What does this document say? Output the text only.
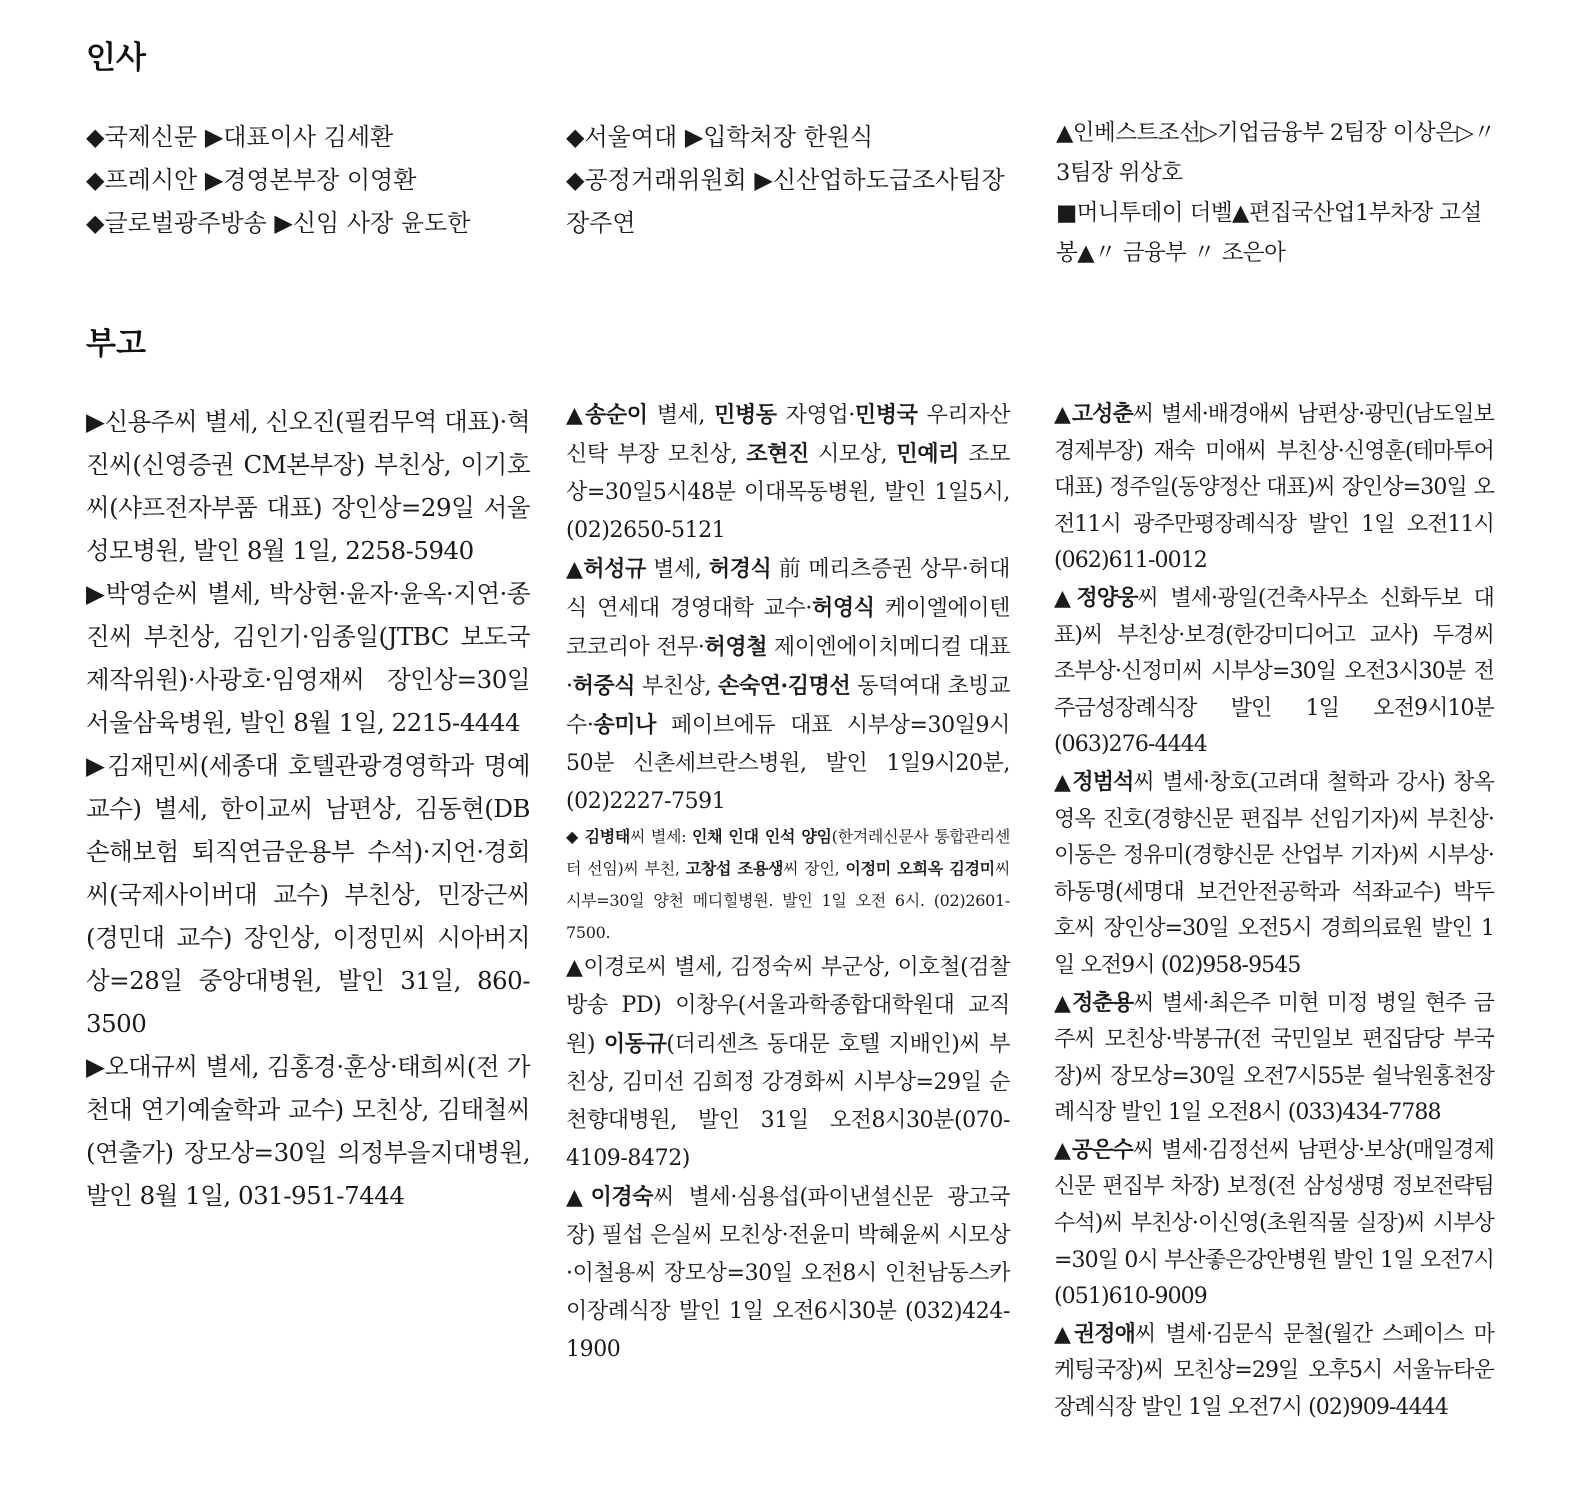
인사
부고

◆국제신문 ▶대표이사 김세환

◆프레시안 ▶경영본부장 이영환

◆글로벌광주방송 ▶신임 사장 윤도한

◆서울여대 ▶입학처장 한원식

◆공정거래위원회 ▶신산업하도급조사팀장 장주연

▲인베스트조선▷기업금융부 2팀장 이상은▷〃3팀장 위상호

■머니투데이 더벨▲편집국산업1부차장 고설봉▲〃 금융부 〃 조은아

▶신용주씨 별세, 신오진(필컴무역 대표)·혁진씨(신영증권 CM본부장) 부친상, 이기호씨(샤프전자부품 대표) 장인상=29일 서울성모병원, 발인 8월 1일, 2258-5940

▶박영순씨 별세, 박상현·윤자·윤옥·지연·종진씨 부친상, 김인기·임종일(JTBC 보도국 제작위원)·사광호·임영재씨 장인상=30일 서울삼육병원, 발인 8월 1일, 2215-4444

▶김재민씨(세종대 호텔관광경영학과 명예교수) 별세, 한이교씨 남편상, 김동현(DB손해보험 퇴직연금운용부 수석)·지언·경회씨(국제사이버대 교수) 부친상, 민장근씨(경민대 교수) 장인상, 이정민씨 시아버지상=28일 중앙대병원, 발인 31일, 860-3500

▶오대규씨 별세, 김홍경·훈상·태희씨(전 가천대 연기예술학과 교수) 모친상, 김태철씨(연출가) 장모상=30일 의정부을지대병원, 발인 8월 1일, 031-951-7444

▲송순이 별세, 민병동 자영업·민병국 우리자산신탁 부장 모친상, 조현진 시모상, 민예리 조모상=30일5시48분 이대목동병원, 발인 1일5시, (02)2650-5121

▲허성규 별세, 허경식 前 메리츠증권 상무·허대식 연세대 경영대학 교수·허영식 케이엘에이텐코코리아 전무·허영철 제이엔에이치메디컬 대표·허중식 부친상, 손숙연·김명선 동덕여대 초빙교수·송미나 페이브에듀 대표 시부상=30일9시50분 신촌세브란스병원, 발인 1일9시20분, (02)2227-7591

◆ 김병태씨 별세: 인채 인대 인석 양임(한겨레신문사 통합관리센터 선임)씨 부친, 고창섭 조용생씨 장인, 이정미 오희옥 김경미씨 시부=30일 양천 메디힐병원. 발인 1일 오전 6시. (02)2601-7500.

▲이경로씨 별세, 김정숙씨 부군상, 이호철(검찰방송 PD) 이창우(서울과학종합대학원대 교직원) 이동규(더리센츠 동대문 호텔 지배인)씨 부친상, 김미선 김희정 강경화씨 시부상=29일 순천향대병원, 발인 31일 오전8시30분(070-4109-8472)

▲이경숙씨 별세·심용섭(파이낸셜신문 광고국장) 필섭 은실씨 모친상·전윤미 박혜윤씨 시모상·이철용씨 장모상=30일 오전8시 인천남동스카이장례식장 발인 1일 오전6시30분 (032)424-1900

▲고성춘씨 별세·배경애씨 남편상·광민(남도일보 경제부장) 재숙 미애씨 부친상·신영훈(테마투어 대표) 정주일(동양정산 대표)씨 장인상=30일 오전11시 광주만평장례식장 발인 1일 오전11시 (062)611-0012

▲정양웅씨 별세·광일(건축사무소 신화두보 대표)씨 부친상·보경(한강미디어고 교사) 두경씨 조부상·신정미씨 시부상=30일 오전3시30분 전주금성장례식장 발인 1일 오전9시10분 (063)276-4444

▲정범석씨 별세·창호(고려대 철학과 강사) 창옥 영옥 진호(경향신문 편집부 선임기자)씨 부친상·이동은 정유미(경향신문 산업부 기자)씨 시부상·하동명(세명대 보건안전공학과 석좌교수) 박두호씨 장인상=30일 오전5시 경희의료원 발인 1일 오전9시 (02)958-9545

▲정춘용씨 별세·최은주 미현 미정 병일 현주 금주씨 모친상·박봉규(전 국민일보 편집담당 부국장)씨 장모상=30일 오전7시55분 쉴낙원홍천장례식장 발인 1일 오전8시 (033)434-7788

▲공은수씨 별세·김정선씨 남편상·보상(매일경제신문 편집부 차장) 보정(전 삼성생명 정보전략팀 수석)씨 부친상·이신영(초원직물 실장)씨 시부상=30일 0시 부산좋은강안병원 발인 1일 오전7시 (051)610-9009

▲권정애씨 별세·김문식 문철(월간 스페이스 마케팅국장)씨 모친상=29일 오후5시 서울뉴타운장례식장 발인 1일 오전7시 (02)909-4444
